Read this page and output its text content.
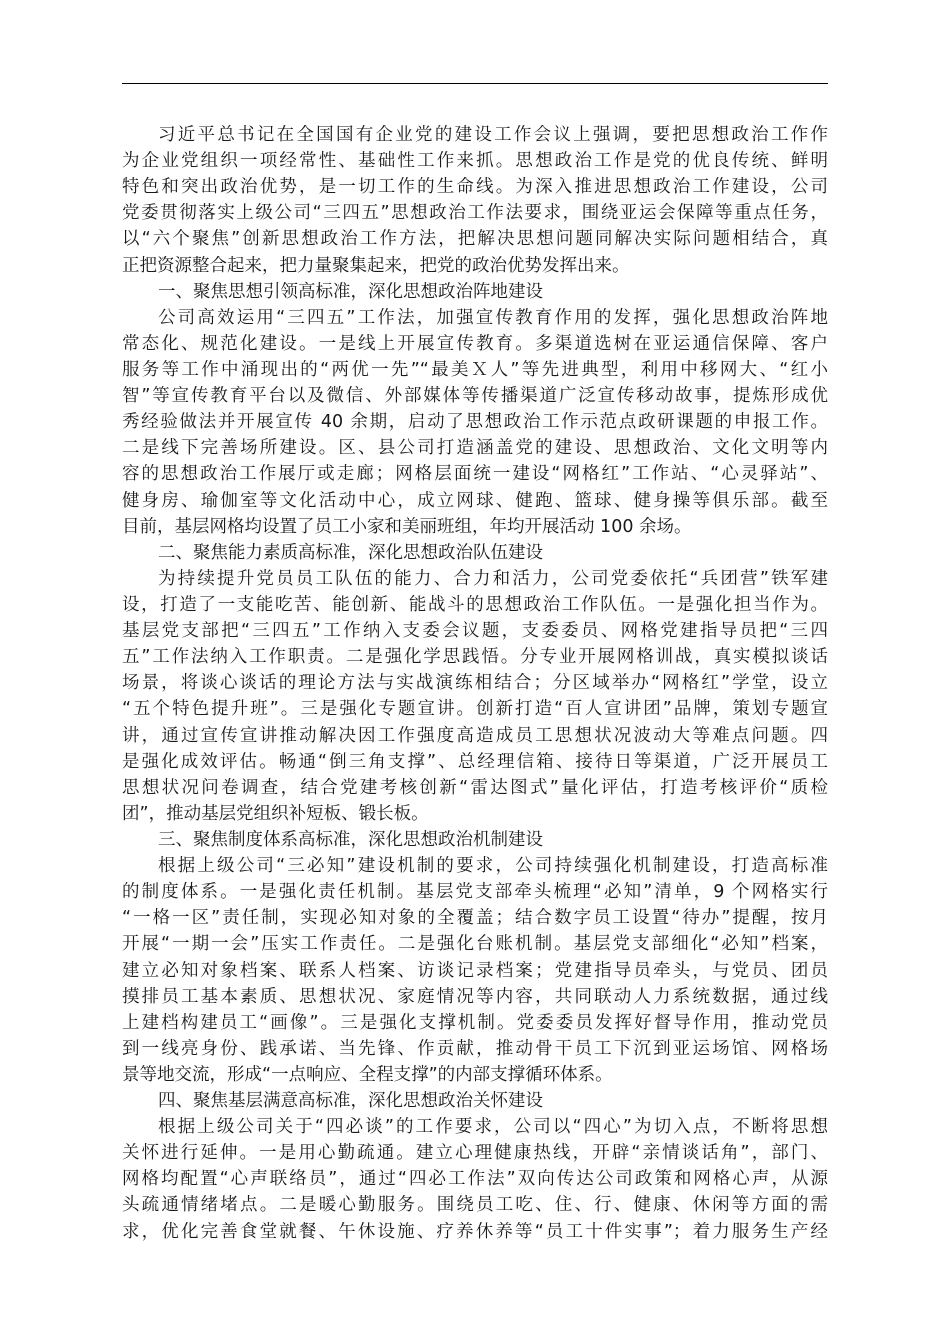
习近平总书记在全国国有企业党的建设工作会议上强调，要把思想政治工作作
为企业党组织一项经常性、基础性工作来抓。思想政治工作是党的优良传统、鲜明
特色和突出政治优势，是一切工作的生命线。为深入推进思想政治工作建设，公司
党委贯彻落实上级公司“三四五”思想政治工作法要求，围绕亚运会保障等重点任务，
以“六个聚焦”创新思想政治工作方法，把解决思想问题同解决实际问题相结合，真
正把资源整合起来，把力量聚集起来，把党的政治优势发挥出来。
一、聚焦思想引领高标准，深化思想政治阵地建设
公司高效运用“三四五”工作法，加强宣传教育作用的发挥，强化思想政治阵地
常态化、规范化建设。一是线上开展宣传教育。多渠道选树在亚运通信保障、客户
服务等工作中涌现出的“两优一先”“最美Ｘ人”等先进典型，利用中移网大、“红小
智”等宣传教育平台以及微信、外部媒体等传播渠道广泛宣传移动故事，提炼形成优
秀经验做法并开展宣传 40 余期，启动了思想政治工作示范点政研课题的申报工作。
二是线下完善场所建设。区、县公司打造涵盖党的建设、思想政治、文化文明等内
容的思想政治工作展厅或走廊；网格层面统一建设“网格红”工作站、“心灵驿站”、
健身房、瑜伽室等文化活动中心，成立网球、健跑、篮球、健身操等俱乐部。截至
目前，基层网格均设置了员工小家和美丽班组，年均开展活动 100 余场。
二、聚焦能力素质高标准，深化思想政治队伍建设
为持续提升党员员工队伍的能力、合力和活力，公司党委依托“兵团营”铁军建
设，打造了一支能吃苦、能创新、能战斗的思想政治工作队伍。一是强化担当作为。
基层党支部把“三四五”工作纳入支委会议题，支委委员、网格党建指导员把“三四
五”工作法纳入工作职责。二是强化学思践悟。分专业开展网格训战，真实模拟谈话
场景，将谈心谈话的理论方法与实战演练相结合；分区域举办“网格红”学堂，设立
“五个特色提升班”。三是强化专题宣讲。创新打造“百人宣讲团”品牌，策划专题宣
讲，通过宣传宣讲推动解决因工作强度高造成员工思想状况波动大等难点问题。四
是强化成效评估。畅通“倒三角支撑”、总经理信箱、接待日等渠道，广泛开展员工
思想状况问卷调查，结合党建考核创新“雷达图式”量化评估，打造考核评价“质检
团”，推动基层党组织补短板、锻长板。
三、聚焦制度体系高标准，深化思想政治机制建设
根据上级公司“三必知”建设机制的要求，公司持续强化机制建设，打造高标准
的制度体系。一是强化责任机制。基层党支部牵头梳理“必知”清单，9 个网格实行
“一格一区”责任制，实现必知对象的全覆盖；结合数字员工设置“待办”提醒，按月
开展“一期一会”压实工作责任。二是强化台账机制。基层党支部细化“必知”档案，
建立必知对象档案、联系人档案、访谈记录档案；党建指导员牵头，与党员、团员
摸排员工基本素质、思想状况、家庭情况等内容，共同联动人力系统数据，通过线
上建档构建员工“画像”。三是强化支撑机制。党委委员发挥好督导作用，推动党员
到一线亮身份、践承诺、当先锋、作贡献，推动骨干员工下沉到亚运场馆、网格场
景等地交流，形成“一点响应、全程支撑”的内部支撑循环体系。
四、聚焦基层满意高标准，深化思想政治关怀建设
根据上级公司关于“四必谈”的工作要求，公司以“四心”为切入点，不断将思想
关怀进行延伸。一是用心勤疏通。建立心理健康热线，开辟“亲情谈话角”，部门、
网格均配置“心声联络员”，通过“四必工作法”双向传达公司政策和网格心声，从源
头疏通情绪堵点。二是暖心勤服务。围绕员工吃、住、行、健康、休闲等方面的需
求，优化完善食堂就餐、午休设施、疗养休养等“员工十件实事”；着力服务生产经
